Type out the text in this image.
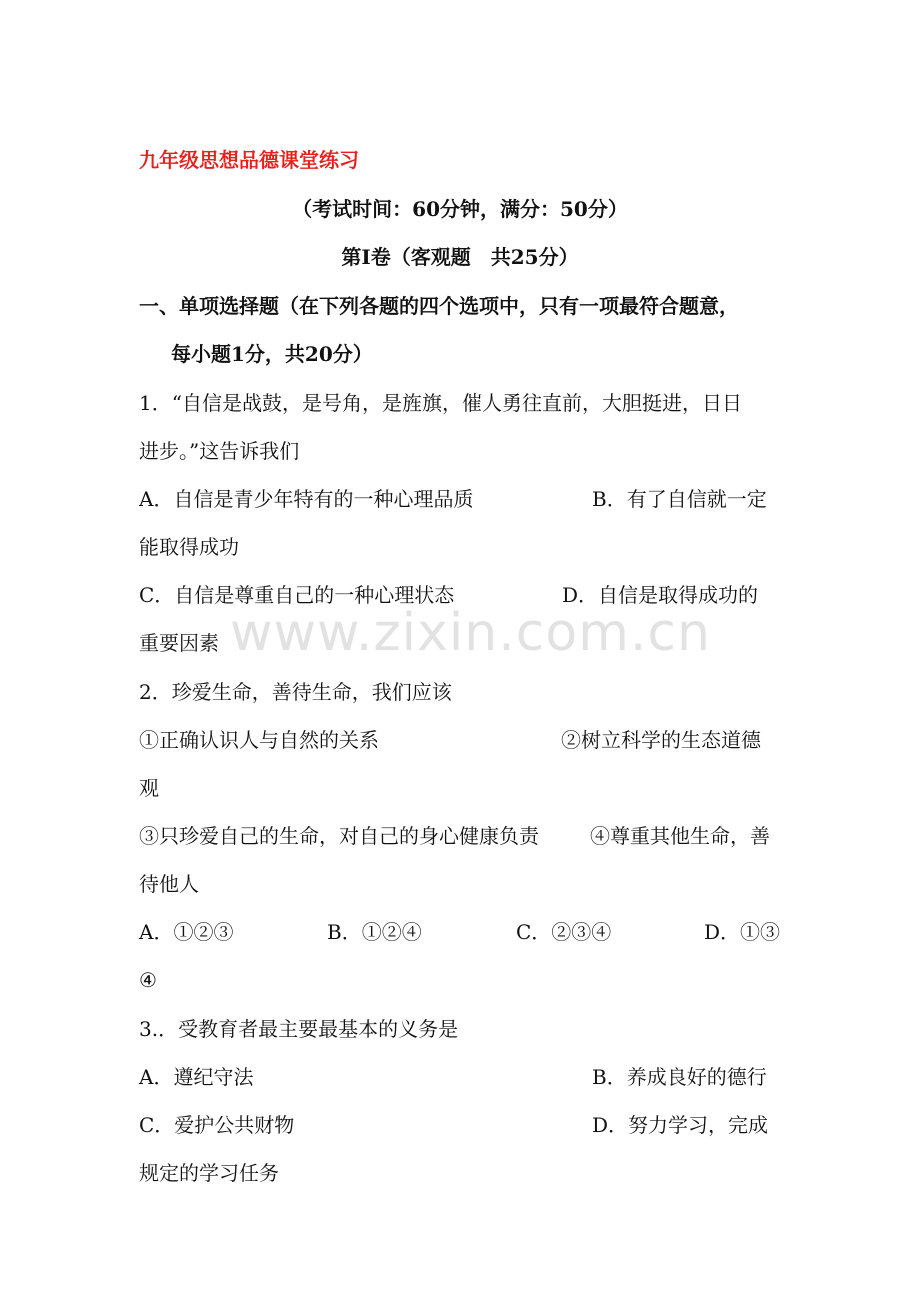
九年级思想品德课堂练习
（考试时间：60分钟，满分：50分）
第Ⅰ卷（客观题　共25分）
一、单项选择题（在下列各题的四个选项中，只有一项最符合题意，
每小题1分，共20分）
1．“自信是战鼓，是号角，是旌旗，催人勇往直前，大胆挺进，日日
进步。”这告诉我们
A．自信是青少年特有的一种心理品质	B．有了自信就一定
能取得成功
C．自信是尊重自己的一种心理状态	D．自信是取得成功的
重要因素
2．珍爱生命，善待生命，我们应该
①正确认识人与自然的关系	②树立科学的生态道德
观
③只珍爱自己的生命，对自己的身心健康负责	④尊重其他生命，善
待他人
A．①②③	B．①②④	C．②③④	D．①③
④
3.．受教育者最主要最基本的义务是
A．遵纪守法	B．养成良好的德行
C．爱护公共财物	D．努力学习，完成
规定的学习任务
www.zixin.com.cn
